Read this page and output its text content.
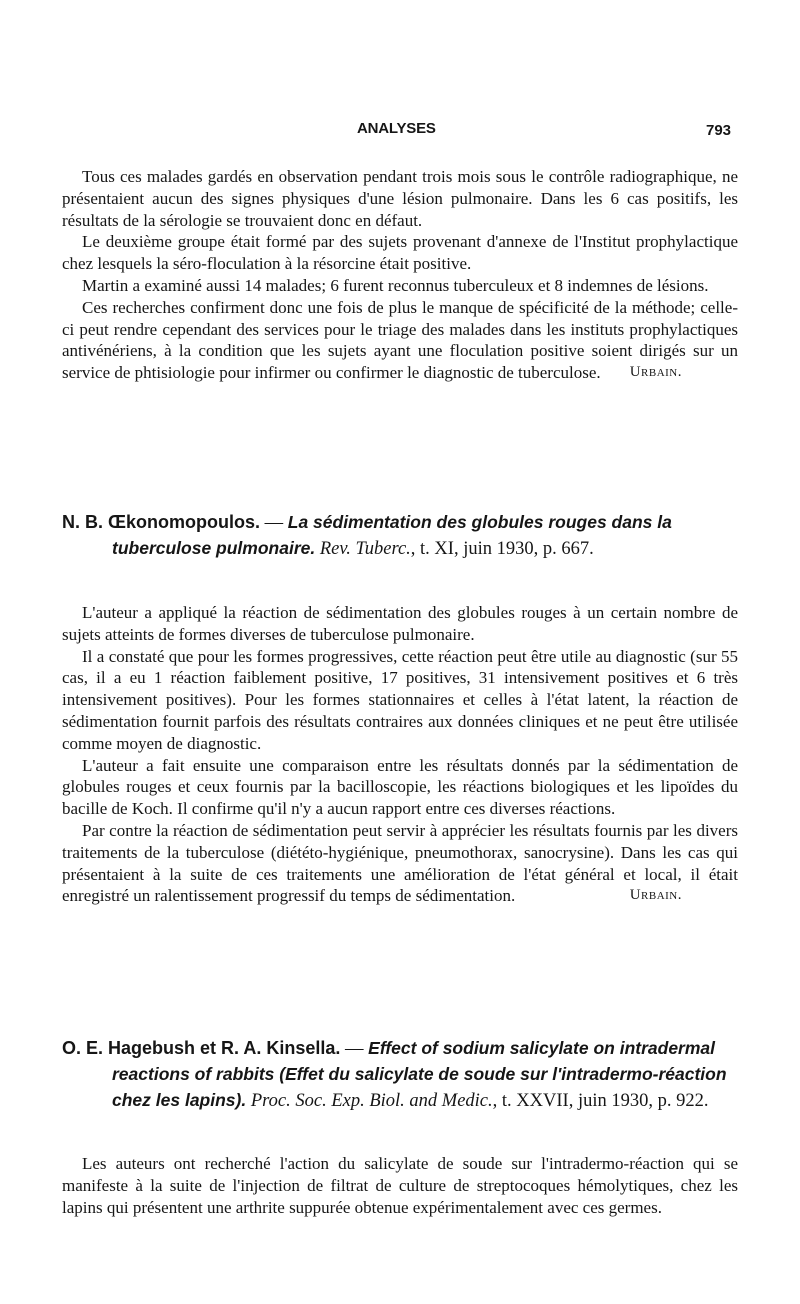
ANALYSES	793

Tous ces malades gardés en observation pendant trois mois sous le contrôle radiographique, ne présentaient aucun des signes physiques d'une lésion pulmonaire. Dans les 6 cas positifs, les résultats de la sérologie se trouvaient donc en défaut.

Le deuxième groupe était formé par des sujets provenant d'annexe de l'Institut prophylactique chez lesquels la séro-floculation à la résorcine était positive.

Martin a examiné aussi 14 malades; 6 furent reconnus tuberculeux et 8 indemnes de lésions.

Ces recherches confirment donc une fois de plus le manque de spécificité de la méthode; celle-ci peut rendre cependant des services pour le triage des malades dans les instituts prophylactiques antivénériens, à la condition que les sujets ayant une floculation positive soient dirigés sur un service de phtisiologie pour infirmer ou confirmer le diagnostic de tuberculose.	Urbain.

N. B. Œkonomopoulos. — La sédimentation des globules rouges dans la tuberculose pulmonaire. Rev. Tuberc., t. XI, juin 1930, p. 667.

L'auteur a appliqué la réaction de sédimentation des globules rouges à un certain nombre de sujets atteints de formes diverses de tuberculose pulmonaire.

Il a constaté que pour les formes progressives, cette réaction peut être utile au diagnostic (sur 55 cas, il a eu 1 réaction faiblement positive, 17 positives, 31 intensivement positives et 6 très intensivement positives). Pour les formes stationnaires et celles à l'état latent, la réaction de sédimentation fournit parfois des résultats contraires aux données cliniques et ne peut être utilisée comme moyen de diagnostic.

L'auteur a fait ensuite une comparaison entre les résultats donnés par la sédimentation de globules rouges et ceux fournis par la bacilloscopie, les réactions biologiques et les lipoïdes du bacille de Koch. Il confirme qu'il n'y a aucun rapport entre ces diverses réactions.

Par contre la réaction de sédimentation peut servir à apprécier les résultats fournis par les divers traitements de la tuberculose (diététo-hygiénique, pneumothorax, sanocrysine). Dans les cas qui présentaient à la suite de ces traitements une amélioration de l'état général et local, il était enregistré un ralentissement progressif du temps de sédimentation.	Urbain.

O. E. Hagebush et R. A. Kinsella. — Effect of sodium salicylate on intradermal reactions of rabbits (Effet du salicylate de soude sur l'intradermo-réaction chez les lapins). Proc. Soc. Exp. Biol. and Medic., t. XXVII, juin 1930, p. 922.

Les auteurs ont recherché l'action du salicylate de soude sur l'intradermo-réaction qui se manifeste à la suite de l'injection de filtrat de culture de streptocoques hémolytiques, chez les lapins qui présentent une arthrite suppurée obtenue expérimentalement avec ces germes.
